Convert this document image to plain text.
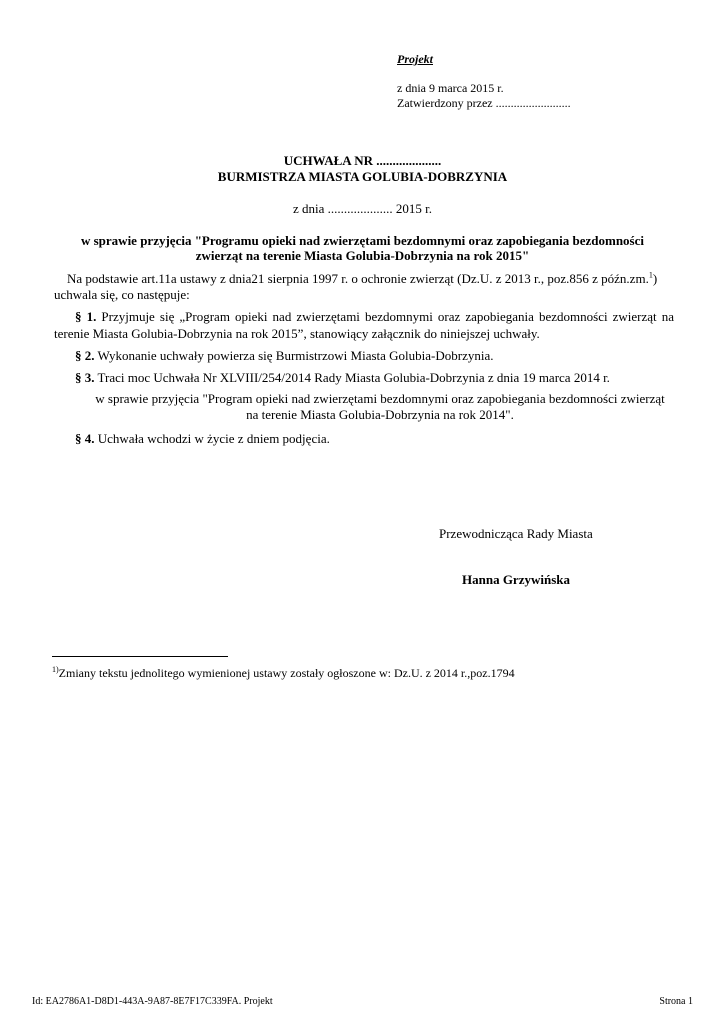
Projekt
z dnia 9 marca 2015 r.
Zatwierdzony przez .........................
UCHWAŁA NR ....................
BURMISTRZA MIASTA GOLUBIA-DOBRZYNIA
z dnia .................... 2015 r.
w sprawie przyjęcia "Programu opieki nad zwierzętami bezdomnymi oraz zapobiegania bezdomności
zwierząt na terenie Miasta Golubia-Dobrzynia na rok 2015"
Na podstawie art.11a ustawy z dnia21 sierpnia 1997 r. o ochronie zwierząt (Dz.U. z 2013 r., poz.856 z późn.zm.$^1$)
uchwala się, co następuje:
§ 1. Przyjmuje się „Program opieki nad zwierzętami bezdomnymi oraz zapobiegania bezdomności zwierząt na terenie Miasta Golubia-Dobrzynia na rok 2015”, stanowiący załącznik do niniejszej uchwały.
§ 2. Wykonanie uchwały powierza się Burmistrzowi Miasta Golubia-Dobrzynia.
§ 3. Traci moc Uchwała Nr XLVIII/254/2014 Rady Miasta Golubia-Dobrzynia z dnia 19 marca 2014 r.
w sprawie przyjęcia "Program opieki nad zwierzętami bezdomnymi oraz zapobiegania bezdomności zwierząt
na terenie Miasta Golubia-Dobrzynia na rok 2014".
§ 4. Uchwała wchodzi w życie z dniem podjęcia.
Przewodnicząca Rady Miasta
Hanna Grzywińska
$^{1)}$Zmiany tekstu jednolitego wymienionej ustawy zostały ogłoszone w: Dz.U. z 2014 r.,poz.1794
Id: EA2786A1-D8D1-443A-9A87-8E7F17C339FA. Projekt	Strona 1
